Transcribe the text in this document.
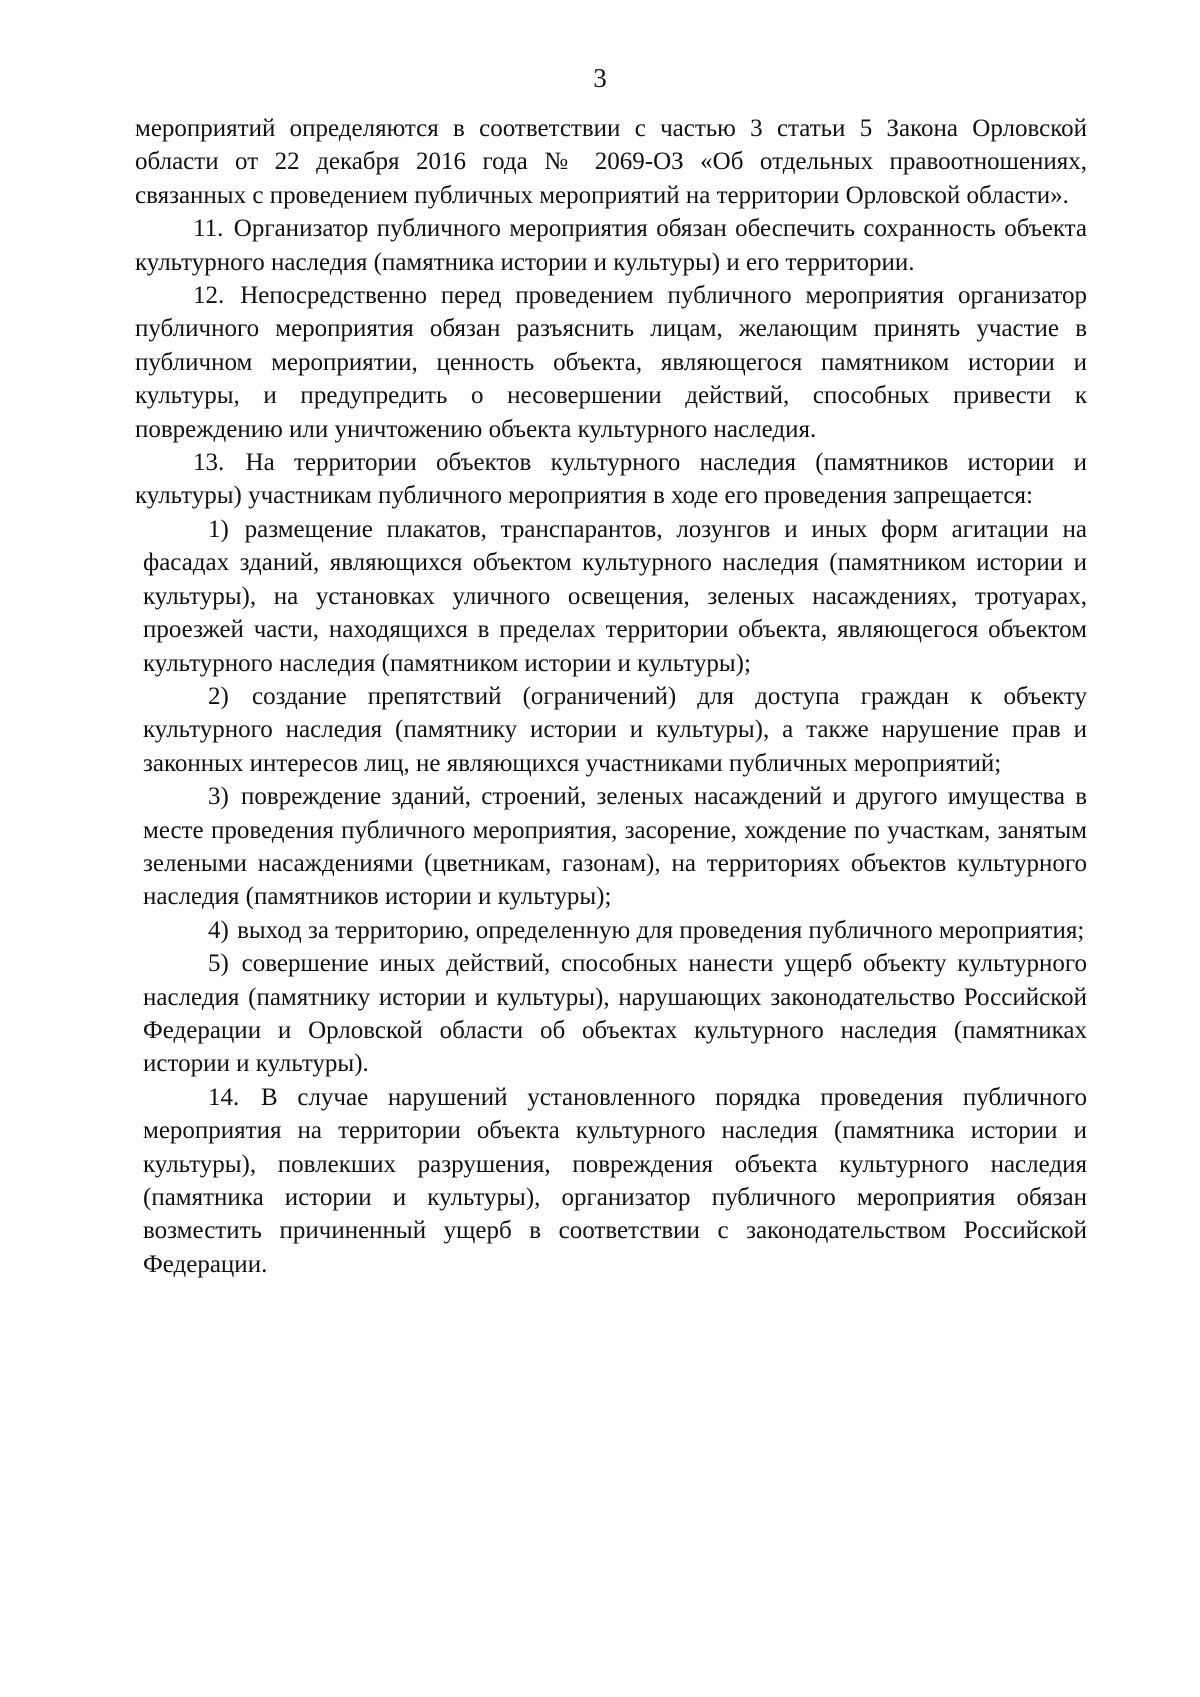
3

мероприятий определяются в соответствии с частью 3 статьи 5 Закона Орловской области от 22 декабря 2016 года № 2069-ОЗ «Об отдельных правоотношениях, связанных с проведением публичных мероприятий на территории Орловской области».

11. Организатор публичного мероприятия обязан обеспечить сохранность объекта культурного наследия (памятника истории и культуры) и его территории.

12. Непосредственно перед проведением публичного мероприятия организатор публичного мероприятия обязан разъяснить лицам, желающим принять участие в публичном мероприятии, ценность объекта, являющегося памятником истории и культуры, и предупредить о несовершении действий, способных привести к повреждению или уничтожению объекта культурного наследия.

13. На территории объектов культурного наследия (памятников истории и культуры) участникам публичного мероприятия в ходе его проведения запрещается:

1) размещение плакатов, транспарантов, лозунгов и иных форм агитации на фасадах зданий, являющихся объектом культурного наследия (памятником истории и культуры), на установках уличного освещения, зеленых насаждениях, тротуарах, проезжей части, находящихся в пределах территории объекта, являющегося объектом культурного наследия (памятником истории и культуры);

2) создание препятствий (ограничений) для доступа граждан к объекту культурного наследия (памятнику истории и культуры), а также нарушение прав и законных интересов лиц, не являющихся участниками публичных мероприятий;

3) повреждение зданий, строений, зеленых насаждений и другого имущества в месте проведения публичного мероприятия, засорение, хождение по участкам, занятым зелеными насаждениями (цветникам, газонам), на территориях объектов культурного наследия (памятников истории и культуры);

4) выход за территорию, определенную для проведения публичного мероприятия;

5) совершение иных действий, способных нанести ущерб объекту культурного наследия (памятнику истории и культуры), нарушающих законодательство Российской Федерации и Орловской области об объектах культурного наследия (памятниках истории и культуры).

14. В случае нарушений установленного порядка проведения публичного мероприятия на территории объекта культурного наследия (памятника истории и культуры), повлекших разрушения, повреждения объекта культурного наследия (памятника истории и культуры), организатор публичного мероприятия обязан возместить причиненный ущерб в соответствии с законодательством Российской Федерации.
